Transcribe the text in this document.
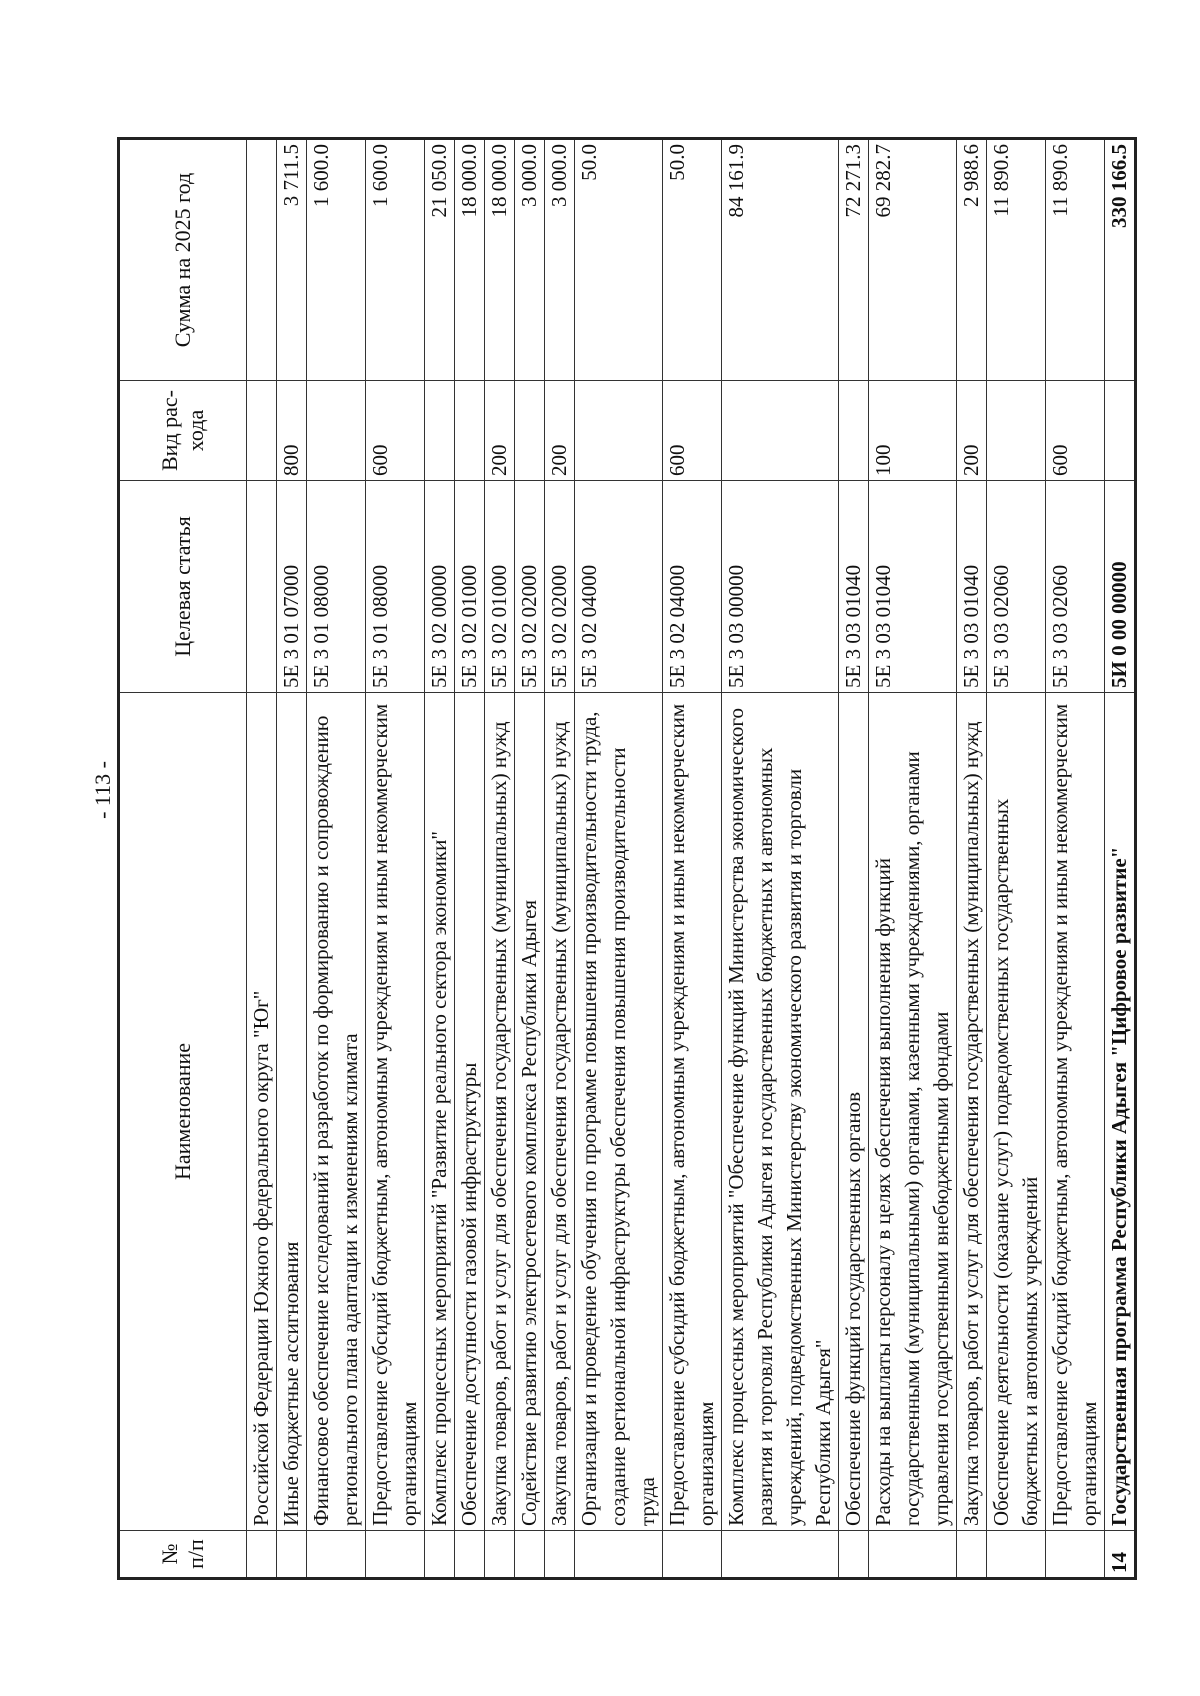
- 113 -
№ п/п	Наименование	Целевая статья	Вид рас- хода	Сумма на 2025 год
	Российской Федерации Южного федерального округа "Юг"			
	Иные бюджетные ассигнования	5Е 3 01 07000	800	3 711.5
	Финансовое обеспечение исследований и разработок по формированию и сопровождению регионального плана адаптации к изменениям климата	5Е 3 01 08000		1 600.0
	Предоставление субсидий бюджетным, автономным учреждениям и иным некоммерческим организациям	5Е 3 01 08000	600	1 600.0
	Комплекс процессных мероприятий "Развитие реального сектора экономики"	5Е 3 02 00000		21 050.0
	Обеспечение доступности газовой инфраструктуры	5Е 3 02 01000		18 000.0
	Закупка товаров, работ и услуг для обеспечения государственных (муниципальных) нужд	5Е 3 02 01000	200	18 000.0
	Содействие развитию электросетевого комплекса Республики Адыгея	5Е 3 02 02000		3 000.0
	Закупка товаров, работ и услуг для обеспечения государственных (муниципальных) нужд	5Е 3 02 02000	200	3 000.0
	Организация и проведение обучения по программе повышения производительности труда, создание региональной инфраструктуры обеспечения повышения производительности труда	5Е 3 02 04000		50.0
	Предоставление субсидий бюджетным, автономным учреждениям и иным некоммерческим организациям	5Е 3 02 04000	600	50.0
	Комплекс процессных мероприятий "Обеспечение функций Министерства экономического развития и торговли Республики Адыгея и государственных бюджетных и автономных учреждений, подведомственных Министерству экономического развития и торговли Республики Адыгея"	5Е 3 03 00000		84 161.9
	Обеспечение функций государственных органов	5Е 3 03 01040		72 271.3
	Расходы на выплаты персоналу в целях обеспечения выполнения функций государственными (муниципальными) органами, казенными учреждениями, органами управления государственными внебюджетными фондами	5Е 3 03 01040	100	69 282.7
	Закупка товаров, работ и услуг для обеспечения государственных (муниципальных) нужд	5Е 3 03 01040	200	2 988.6
	Обеспечение деятельности (оказание услуг) подведомственных государственных бюджетных и автономных учреждений	5Е 3 03 02060		11 890.6
	Предоставление субсидий бюджетным, автономным учреждениям и иным некоммерческим организациям	5Е 3 03 02060	600	11 890.6
14	Государственная программа Республики Адыгея "Цифровое развитие"	5И 0 00 00000		330 166.5
